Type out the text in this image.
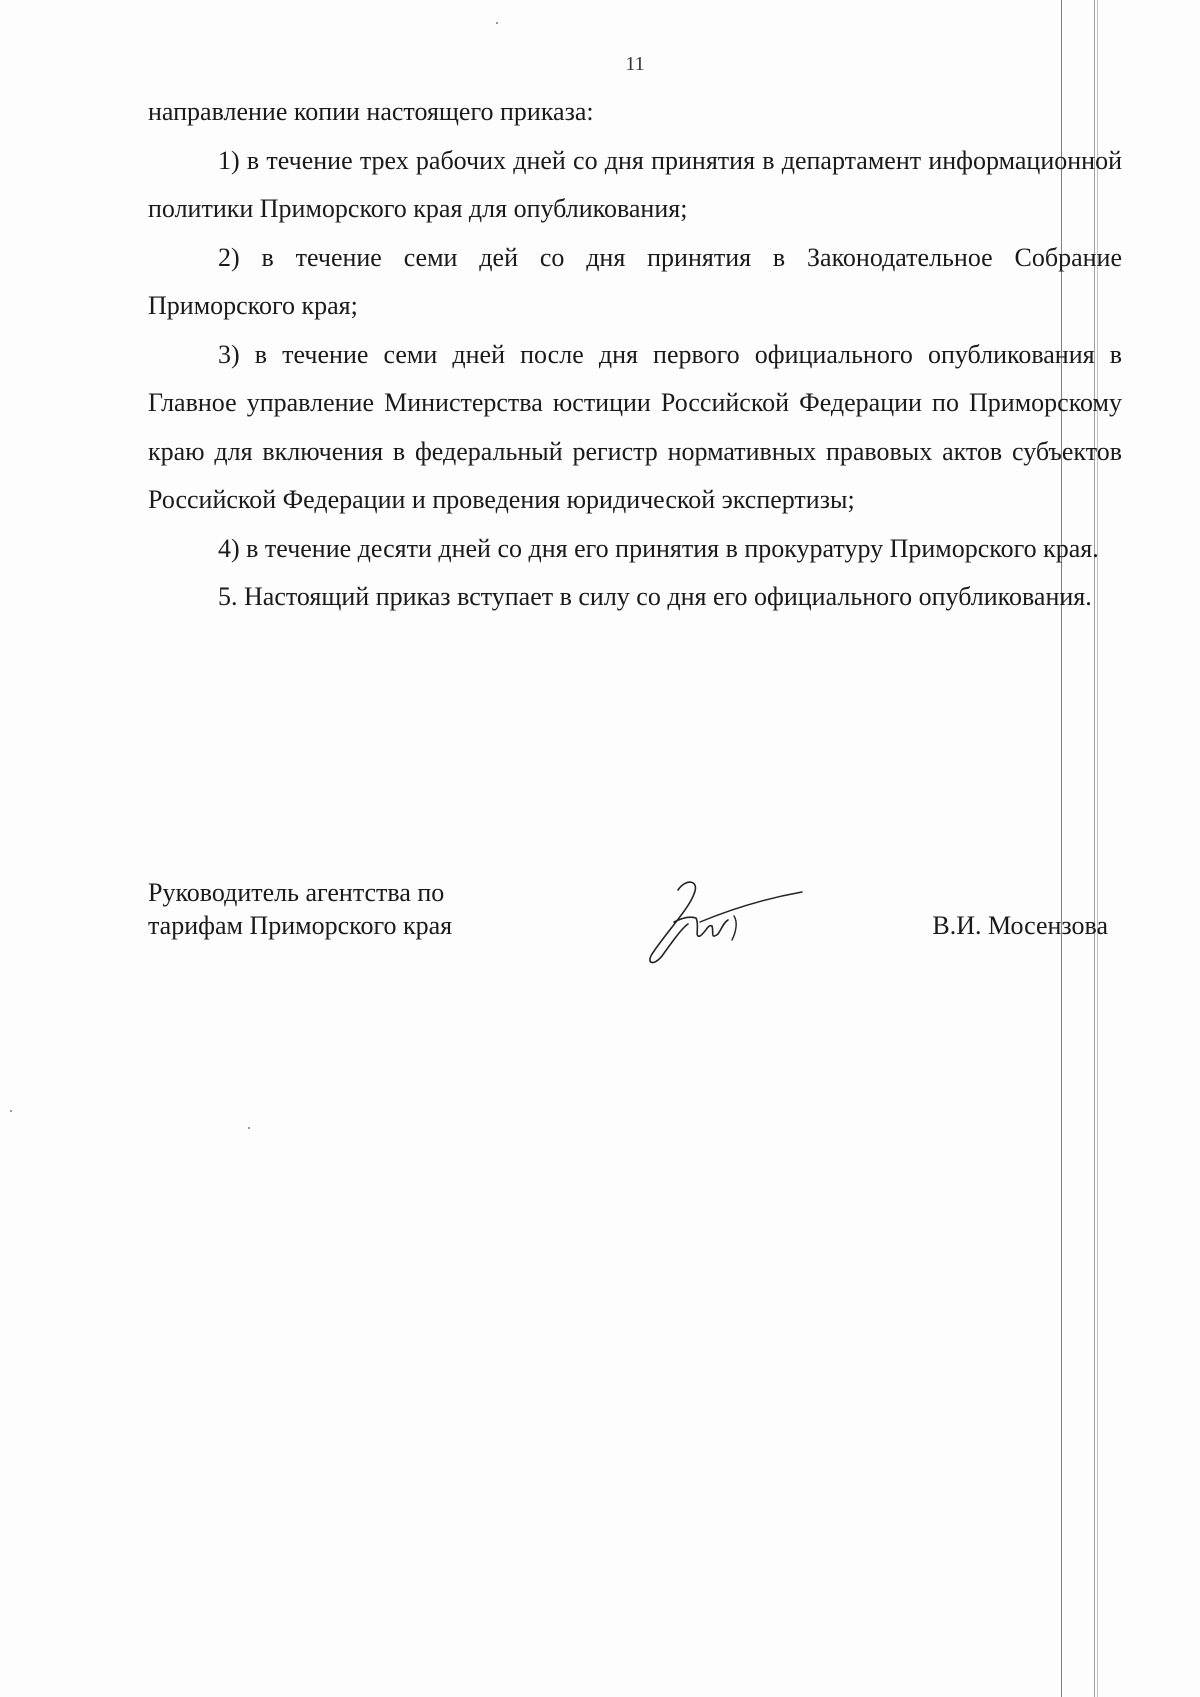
11

направление копии настоящего приказа:

1) в течение трех рабочих дней со дня принятия в департамент информационной политики Приморского края для опубликования;

2) в течение семи дей со дня принятия в Законодательное Собрание Приморского края;

3) в течение семи дней после дня первого официального опубликования в Главное управление Министерства юстиции Российской Федерации по Приморскому краю для включения в федеральный регистр нормативных правовых актов субъектов Российской Федерации и проведения юридической экспертизы;

4) в течение десяти дней со дня его принятия в прокуратуру Приморского края.

5. Настоящий приказ вступает в силу со дня его официального опубликования.

Руководитель агентства по
тарифам Приморского края	В.И. Мосензова
